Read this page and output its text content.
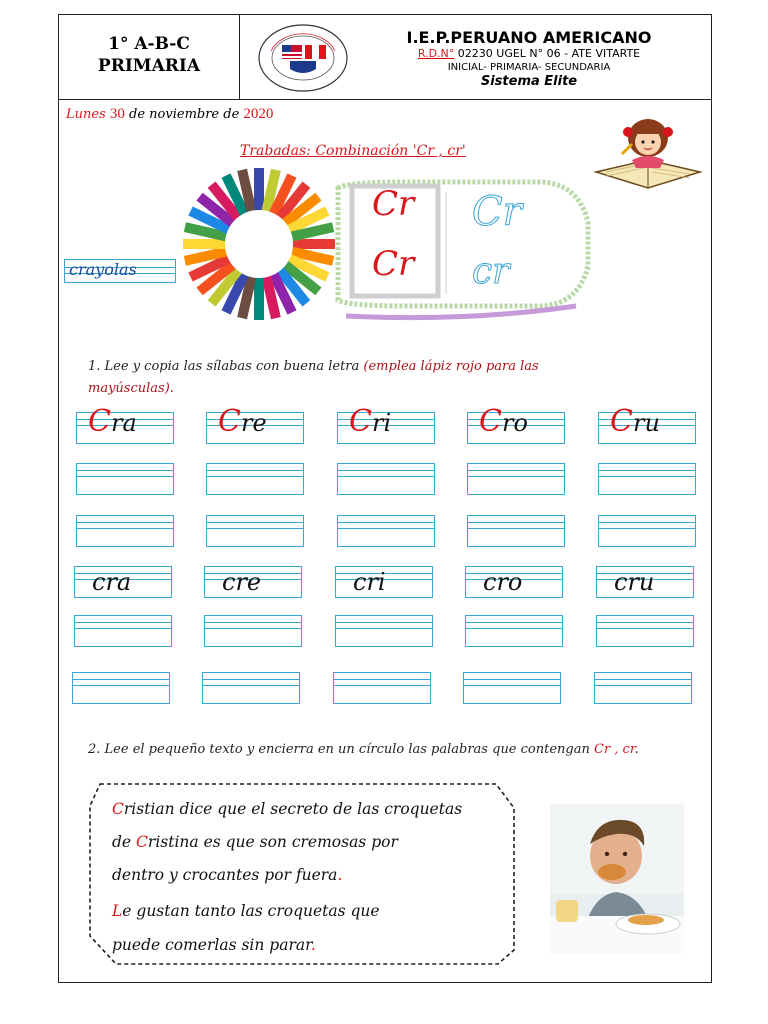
1° A-B-C
PRIMARIA
I.E.P.PERUANO AMERICANO
R.D.N° 02230 UGEL N° 06 - ATE VITARTE
INICIAL- PRIMARIA- SECUNDARIA
Sistema Elite
Lunes 30 de noviembre de 2020
Trabadas: Combinación 'Cr , cr'
Cr
Cr
Cr
cr
crayolas
1. Lee y copia las sílabas con buena letra (emplea lápiz rojo para las mayúsculas).
Cra	Cre	Cri	Cro	Cru
cra	cre	cri	cro	cru
2. Lee el pequeño texto y encierra en un círculo las palabras que contengan Cr , cr.
Cristian dice que el secreto de las croquetas
de Cristina es que son cremosas por
dentro y crocantes por fuera.
Le gustan tanto las croquetas que
puede comerlas sin parar.
